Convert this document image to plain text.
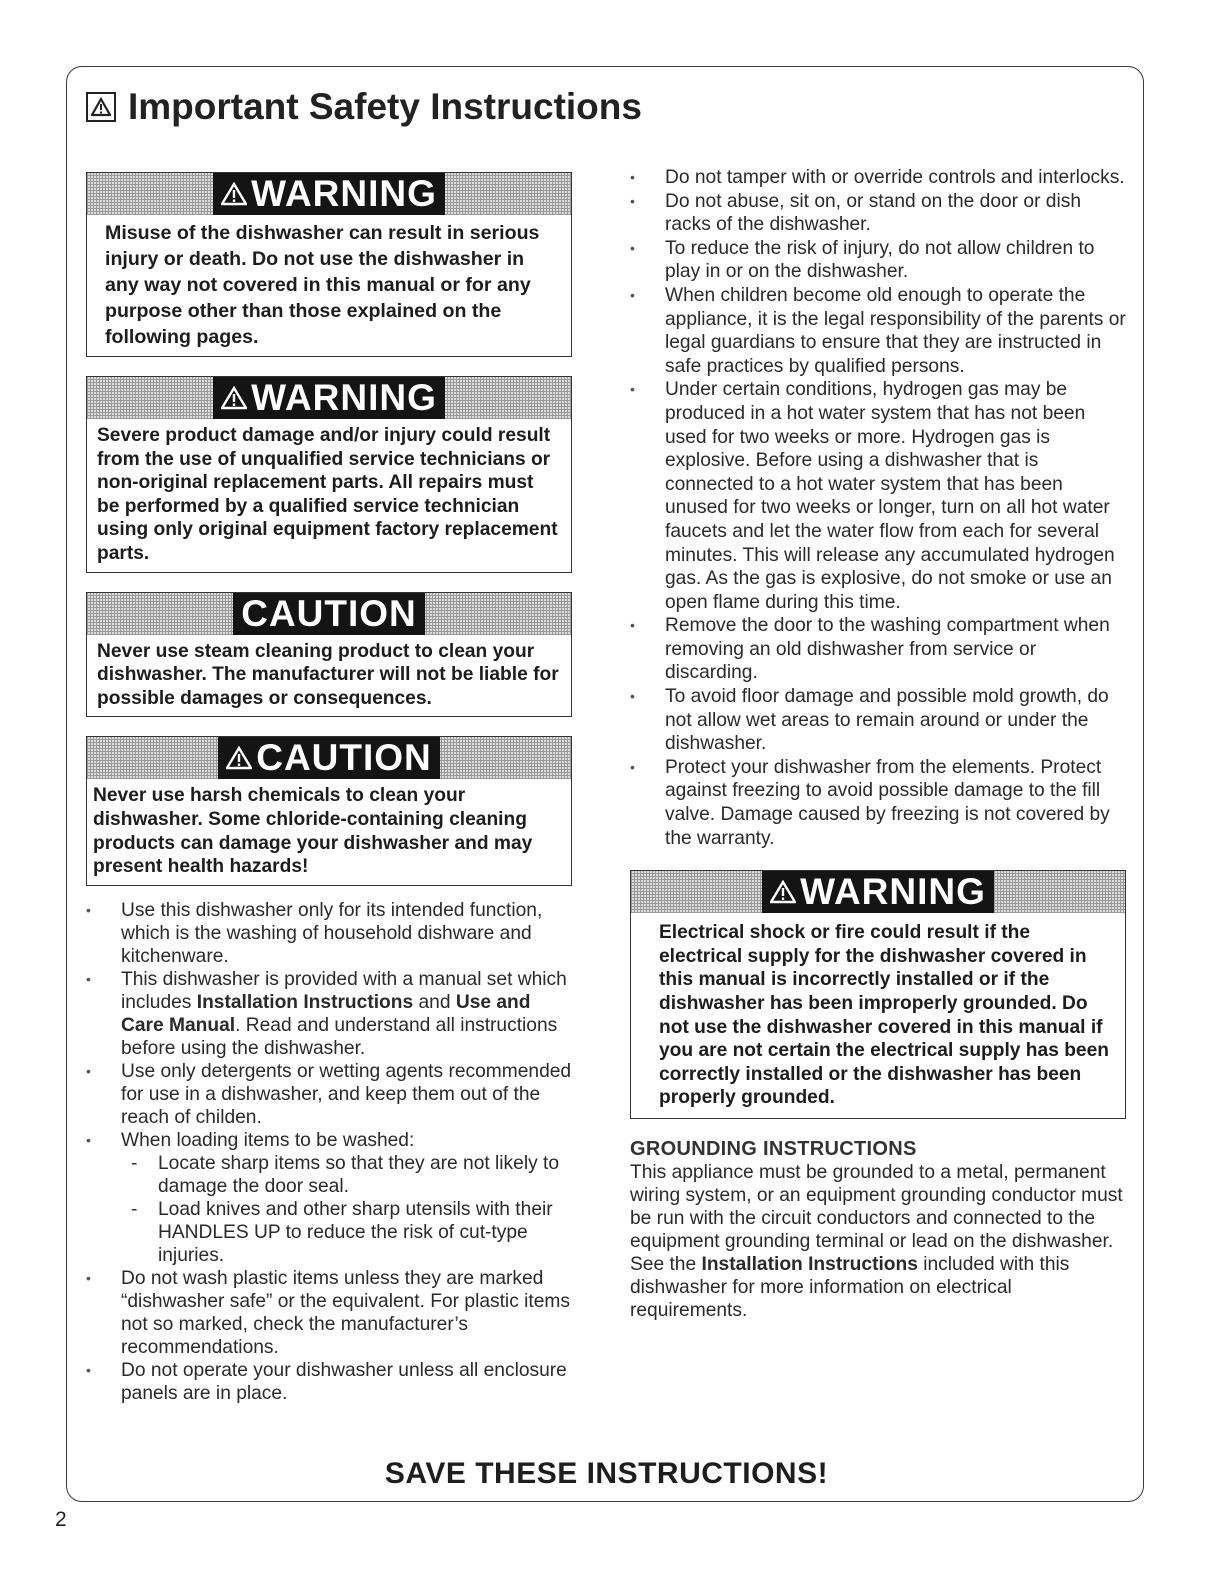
Important Safety Instructions
WARNING
Misuse of the dishwasher can result in serious injury or death. Do not use the dishwasher in any way not covered in this manual or for any purpose other than those explained on the following pages.
WARNING
Severe product damage and/or injury could result from the use of unqualified service technicians or non-original replacement parts. All repairs must be performed by a qualified service technician using only original equipment factory replacement parts.
CAUTION
Never use steam cleaning product to clean your dishwasher. The manufacturer will not be liable for possible damages or consequences.
CAUTION
Never use harsh chemicals to clean your dishwasher. Some chloride-containing cleaning products can damage your dishwasher and may present health hazards!
• Use this dishwasher only for its intended function, which is the washing of household dishware and kitchenware.
• This dishwasher is provided with a manual set which includes Installation Instructions and Use and Care Manual. Read and understand all instructions before using the dishwasher.
• Use only detergents or wetting agents recommended for use in a dishwasher, and keep them out of the reach of childen.
• When loading items to be washed:
- Locate sharp items so that they are not likely to damage the door seal.
- Load knives and other sharp utensils with their HANDLES UP to reduce the risk of cut-type injuries.
• Do not wash plastic items unless they are marked “dishwasher safe” or the equivalent. For plastic items not so marked, check the manufacturer’s recommendations.
• Do not operate your dishwasher unless all enclosure panels are in place.
• Do not tamper with or override controls and interlocks.
• Do not abuse, sit on, or stand on the door or dish racks of the dishwasher.
• To reduce the risk of injury, do not allow children to play in or on the dishwasher.
• When children become old enough to operate the appliance, it is the legal responsibility of the parents or legal guardians to ensure that they are instructed in safe practices by qualified persons.
• Under certain conditions, hydrogen gas may be produced in a hot water system that has not been used for two weeks or more. Hydrogen gas is explosive. Before using a dishwasher that is connected to a hot water system that has been unused for two weeks or longer, turn on all hot water faucets and let the water flow from each for several minutes. This will release any accumulated hydrogen gas. As the gas is explosive, do not smoke or use an open flame during this time.
• Remove the door to the washing compartment when removing an old dishwasher from service or discarding.
• To avoid floor damage and possible mold growth, do not allow wet areas to remain around or under the dishwasher.
• Protect your dishwasher from the elements. Protect against freezing to avoid possible damage to the fill valve. Damage caused by freezing is not covered by the warranty.
WARNING
Electrical shock or fire could result if the electrical supply for the dishwasher covered in this manual is incorrectly installed or if the dishwasher has been improperly grounded. Do not use the dishwasher covered in this manual if you are not certain the electrical supply has been correctly installed or the dishwasher has been properly grounded.
GROUNDING INSTRUCTIONS
This appliance must be grounded to a metal, permanent wiring system, or an equipment grounding conductor must be run with the circuit conductors and connected to the equipment grounding terminal or lead on the dishwasher. See the Installation Instructions included with this dishwasher for more information on electrical requirements.
SAVE THESE INSTRUCTIONS!
2
